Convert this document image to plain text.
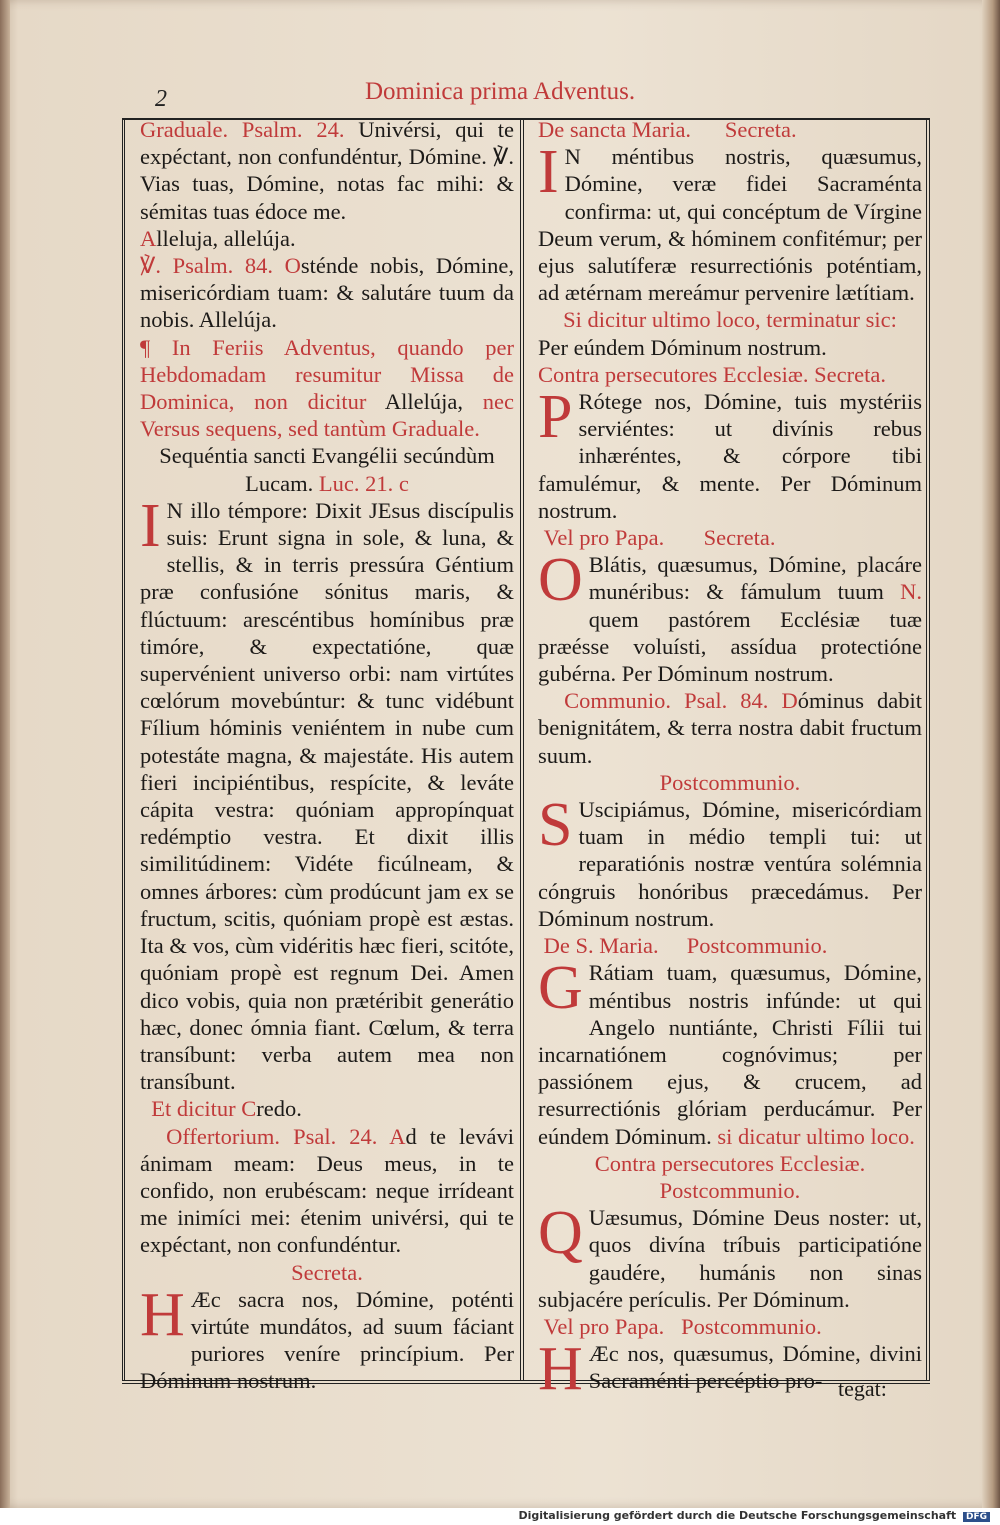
2	Dominica prima Adventus.

Graduale. Psalm. 24. Univérsi, qui te expéctant, non confundéntur, Dómine. ℣. Vias tuas, Dómine, notas fac mihi: & sémitas tuas édoce me.

Alleluja, allelúja.

℣. Psalm. 84. Osténde nobis, Dómine, misericórdiam tuam: & salutáre tuum da nobis. Allelúja.

¶ In Feriis Adventus, quando per Hebdomadam resumitur Missa de Dominica, non dicitur Allelúja, nec Versus sequens, sed tantùm Graduale.

Sequéntia sancti Evangélii secúndùm Lucam. Luc. 21. c

I N illo témpore: Dixit JEsus discípulis suis: Erunt signa in sole, & luna, & stellis, & in terris pressúra Géntium præ confusióne sónitus maris, & flúctuum: arescéntibus homínibus præ timóre, & expectatióne, quæ supervénient universo orbi: nam virtútes cœlórum movebúntur: & tunc vidébunt Fílium hóminis veniéntem in nube cum potestáte magna, & majestáte. His autem fieri incipiéntibus, respícite, & leváte cápita vestra: quóniam appropínquat redémptio vestra. Et dixit illis similitúdinem: Vidéte ficúlneam, & omnes árbores: cùm prodúcunt jam ex se fructum, scitis, quóniam propè est æstas. Ita & vos, cùm vidéritis hæc fieri, scitóte, quóniam propè est regnum Dei. Amen dico vobis, quia non prætéribit generátio hæc, donec ómnia fiant. Cœlum, & terra transíbunt: verba autem mea non transíbunt.

Et dicitur Credo.

Offertorium. Psal. 24. Ad te levávi ánimam meam: Deus meus, in te confido, non erubéscam: neque irrídeant me inimíci mei: étenim univérsi, qui te expéctant, non confundéntur.

Secreta.

H Æc sacra nos, Dómine, poténti virtúte mundátos, ad suum fáciant puriores veníre princípium. Per Dóminum nostrum.

De sancta Maria. Secreta.

I N méntibus nostris, quæsumus, Dómine, veræ fidei Sacraménta confirma: ut, qui concéptum de Vírgine Deum verum, & hóminem confitémur; per ejus salutíferæ resurrectiónis poténtiam, ad ætérnam mereámur pervenire lætítiam.

Si dicitur ultimo loco, terminatur sic:

Per eúndem Dóminum nostrum.

Contra persecutores Ecclesiæ. Secreta.

P Rótege nos, Dómine, tuis mystériis serviéntes: ut divínis rebus inhæréntes, & córpore tibi famulémur, & mente. Per Dóminum nostrum.

Vel pro Papa. Secreta.

O Blátis, quæsumus, Dómine, placáre munéribus: & fámulum tuum N. quem pastórem Ecclésiæ tuæ præésse voluísti, assídua protectióne gubérna. Per Dóminum nostrum.

Communio. Psal. 84. Dóminus dabit benignitátem, & terra nostra dabit fructum suum.

Postcommunio.

S Uscipiámus, Dómine, misericórdiam tuam in médio templi tui: ut reparatiónis nostræ ventúra solémnia cóngruis honóribus præcedámus. Per Dóminum nostrum.

De S. Maria. Postcommunio.

G Rátiam tuam, quæsumus, Dómine, méntibus nostris infúnde: ut qui Angelo nuntiánte, Christi Fílii tui incarnatiónem cognóvimus; per passiónem ejus, & crucem, ad resurrectiónis glóriam perducámur. Per eúndem Dóminum. si dicatur ultimo loco.

Contra persecutores Ecclesiæ.

Postcommunio.

Q Uæsumus, Dómine Deus noster: ut, quos divína tríbuis participatióne gaudére, humánis non sinas subjacére perículis. Per Dóminum.

Vel pro Papa. Postcommunio.

H Æc nos, quæsumus, Dómine, divini Sacraménti percéptio pro- tegat:
Digitalisierung gefördert durch die Deutsche Forschungsgemeinschaft DFG
